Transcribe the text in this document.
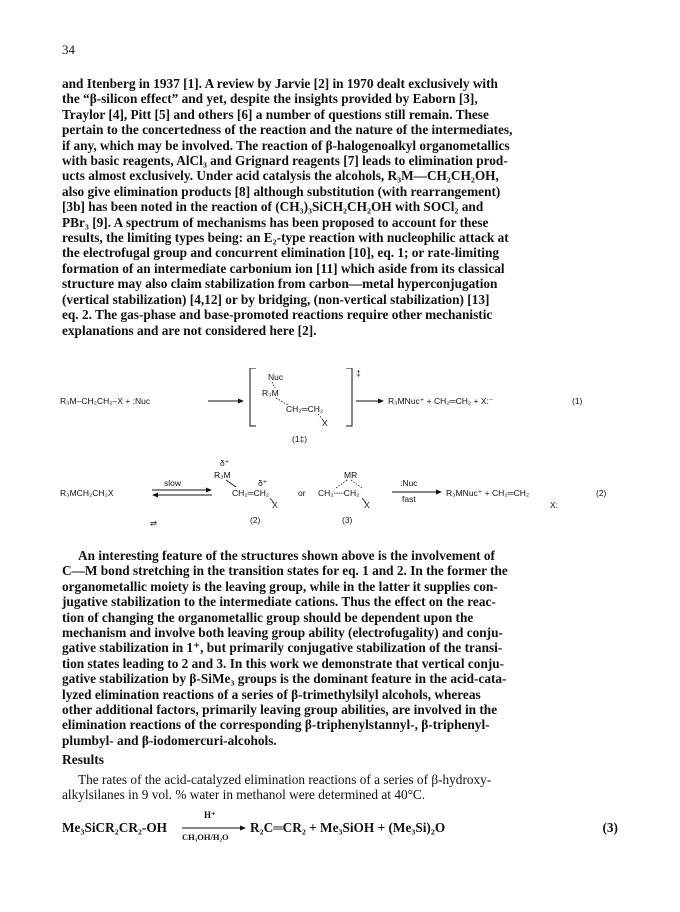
34
and Itenberg in 1937 [1]. A review by Jarvie [2] in 1970 dealt exclusively with
the “β-silicon effect” and yet, despite the insights provided by Eaborn [3],
Traylor [4], Pitt [5] and others [6] a number of questions still remain. These
pertain to the concertedness of the reaction and the nature of the intermediates,
if any, which may be involved. The reaction of β-halogenoalkyl organometallics
with basic reagents, AlCl₃ and Grignard reagents [7] leads to elimination prod-
ucts almost exclusively. Under acid catalysis the alcohols, R₃M—CH₂CH₂OH,
also give elimination products [8] although substitution (with rearrangement)
[3b] has been noted in the reaction of (CH₃)₃SiCH₂CH₂OH with SOCl₂ and
PBr₃ [9]. A spectrum of mechanisms has been proposed to account for these
results, the limiting types being: an E₂-type reaction with nucleophilic attack at
the electrofugal group and concurrent elimination [10], eq. 1; or rate-limiting
formation of an intermediate carbonium ion [11] which aside from its classical
structure may also claim stabilization from carbon—metal hyperconjugation
(vertical stabilization) [4,12] or by bridging, (non-vertical stabilization) [13]
eq. 2. The gas-phase and base-promoted reactions require other mechanistic
explanations and are not considered here [2].
R₃M–CH₂CH₂–X + :Nuc
‡
Nuc
R₃M
CH₂═CH₂
X
(1‡)
R₃MNuc⁺ + CH₂═CH₂ + X:⁻	(1)
R₃MCH₂CH₂X
slow
⇌
δ⁺
R₃M
δ⁺
CH₂═CH₂
X
(2)
or
MR
CH₂┄┄CH₂
X
(3)
:Nuc
fast
R₃MNuc⁺ + CH₂═CH₂
X:
(2)
An interesting feature of the structures shown above is the involvement of
C—M bond stretching in the transition states for eq. 1 and 2. In the former the
organometallic moiety is the leaving group, while in the latter it supplies con-
jugative stabilization to the intermediate cations. Thus the effect on the reac-
tion of changing the organometallic group should be dependent upon the
mechanism and involve both leaving group ability (electrofugality) and conju-
gative stabilization in 1⁺, but primarily conjugative stabilization of the transi-
tion states leading to 2 and 3. In this work we demonstrate that vertical conju-
gative stabilization by β-SiMe₃ groups is the dominant feature in the acid-cata-
lyzed elimination reactions of a series of β-trimethylsilyl alcohols, whereas
other additional factors, primarily leaving group abilities, are involved in the
elimination reactions of the corresponding β-triphenylstannyl-, β-triphenyl-
plumbyl- and β-iodomercuri-alcohols.
Results
The rates of the acid-catalyzed elimination reactions of a series of β-hydroxy-
alkylsilanes in 9 vol. % water in methanol were determined at 40°C.
Me₃SiCR₂CR₂-OH
H⁺
CH₃OH/H₂O
R₂C═CR₂ + Me₃SiOH + (Me₃Si)₂O	(3)
